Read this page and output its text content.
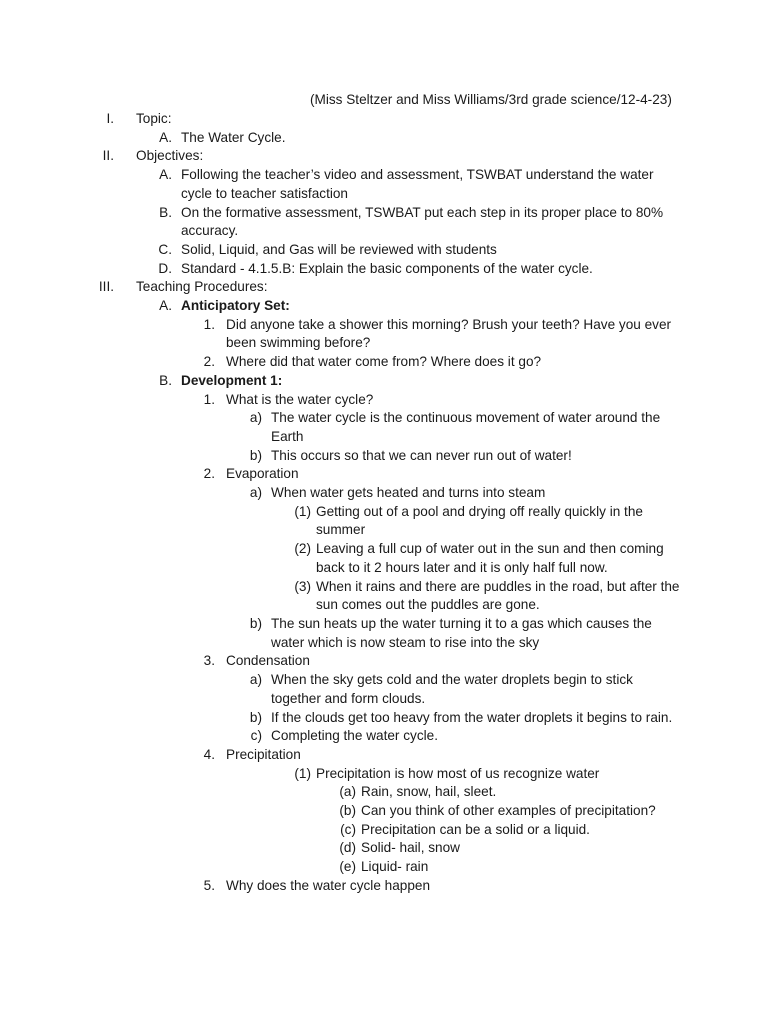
(Miss Steltzer and Miss Williams/3rd grade science/12-4-23)
I. Topic:
A. The Water Cycle.
II. Objectives:
A. Following the teacher’s video and assessment, TSWBAT understand the water cycle to teacher satisfaction
B. On the formative assessment, TSWBAT put each step in its proper place to 80% accuracy.
C. Solid, Liquid, and Gas will be reviewed with students
D. Standard - 4.1.5.B: Explain the basic components of the water cycle.
III. Teaching Procedures:
A. Anticipatory Set:
1. Did anyone take a shower this morning? Brush your teeth? Have you ever been swimming before?
2. Where did that water come from? Where does it go?
B. Development 1:
1. What is the water cycle?
a) The water cycle is the continuous movement of water around the Earth
b) This occurs so that we can never run out of water!
2. Evaporation
a) When water gets heated and turns into steam
(1) Getting out of a pool and drying off really quickly in the summer
(2) Leaving a full cup of water out in the sun and then coming back to it 2 hours later and it is only half full now.
(3) When it rains and there are puddles in the road, but after the sun comes out the puddles are gone.
b) The sun heats up the water turning it to a gas which causes the water which is now steam to rise into the sky
3. Condensation
a) When the sky gets cold and the water droplets begin to stick together and form clouds.
b) If the clouds get too heavy from the water droplets it begins to rain.
c) Completing the water cycle.
4. Precipitation
(1) Precipitation is how most of us recognize water
(a) Rain, snow, hail, sleet.
(b) Can you think of other examples of precipitation?
(c) Precipitation can be a solid or a liquid.
(d) Solid- hail, snow
(e) Liquid- rain
5. Why does the water cycle happen
